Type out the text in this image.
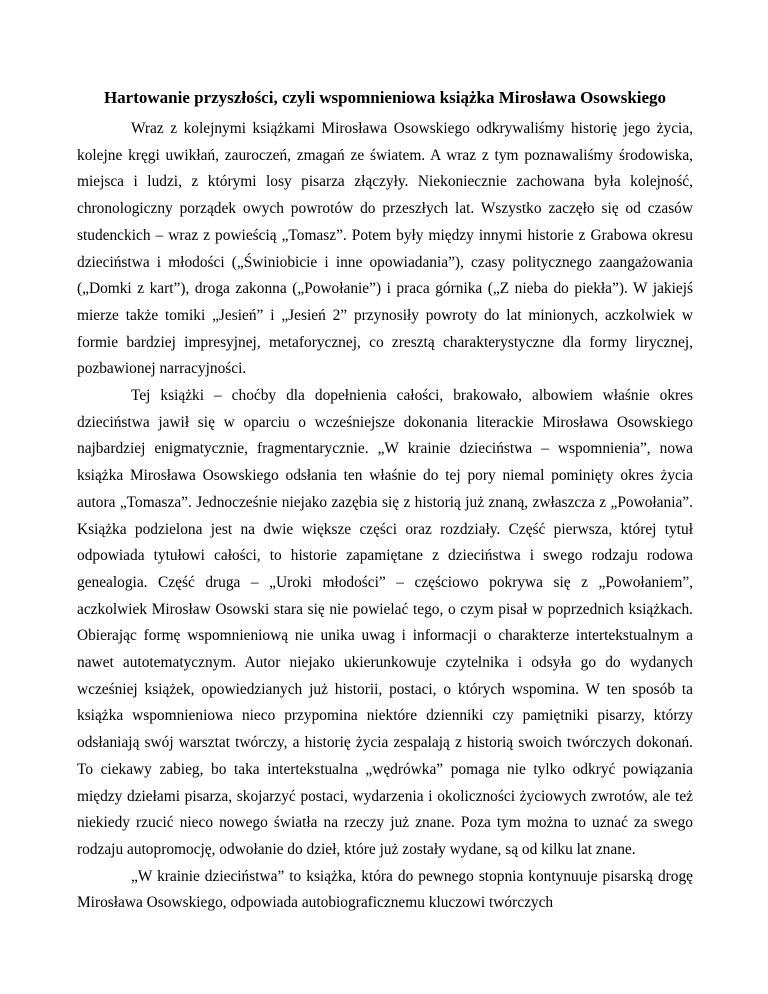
Hartowanie przyszłości, czyli wspomnieniowa książka Mirosława Osowskiego

Wraz z kolejnymi książkami Mirosława Osowskiego odkrywaliśmy historię jego życia, kolejne kręgi uwikłań, zauroczeń, zmagań ze światem. A wraz z tym poznawaliśmy środowiska, miejsca i ludzi, z którymi losy pisarza złączyły. Niekoniecznie zachowana była kolejność, chronologiczny porządek owych powrotów do przeszłych lat. Wszystko zaczęło się od czasów studenckich – wraz z powieścią „Tomasz”. Potem były między innymi historie z Grabowa okresu dzieciństwa i młodości („Świniobicie i inne opowiadania”), czasy politycznego zaangażowania („Domki z kart”), droga zakonna („Powołanie”) i praca górnika („Z nieba do piekła”). W jakiejś mierze także tomiki „Jesień” i „Jesień 2” przynosiły powroty do lat minionych, aczkolwiek w formie bardziej impresyjnej, metaforycznej, co zresztą charakterystyczne dla formy lirycznej, pozbawionej narracyjności.

Tej książki – choćby dla dopełnienia całości, brakowało, albowiem właśnie okres dzieciństwa jawił się w oparciu o wcześniejsze dokonania literackie Mirosława Osowskiego najbardziej enigmatycznie, fragmentarycznie. „W krainie dzieciństwa – wspomnienia”, nowa książka Mirosława Osowskiego odsłania ten właśnie do tej pory niemal pominięty okres życia autora „Tomasza”. Jednocześnie niejako zazębia się z historią już znaną, zwłaszcza z „Powołania”. Książka podzielona jest na dwie większe części oraz rozdziały. Część pierwsza, której tytuł odpowiada tytułowi całości, to historie zapamiętane z dzieciństwa i swego rodzaju rodowa genealogia. Część druga – „Uroki młodości” – częściowo pokrywa się z „Powołaniem”, aczkolwiek Mirosław Osowski stara się nie powielać tego, o czym pisał w poprzednich książkach. Obierając formę wspomnieniową nie unika uwag i informacji o charakterze intertekstualnym a nawet autotematycznym. Autor niejako ukierunkowuje czytelnika i odsyła go do wydanych wcześniej książek, opowiedzianych już historii, postaci, o których wspomina. W ten sposób ta książka wspomnieniowa nieco przypomina niektóre dzienniki czy pamiętniki pisarzy, którzy odsłaniają swój warsztat twórczy, a historię życia zespalają z historią swoich twórczych dokonań. To ciekawy zabieg, bo taka intertekstualna „wędrówka” pomaga nie tylko odkryć powiązania między dziełami pisarza, skojarzyć postaci, wydarzenia i okoliczności życiowych zwrotów, ale też niekiedy rzucić nieco nowego światła na rzeczy już znane. Poza tym można to uznać za swego rodzaju autopromocję, odwołanie do dzieł, które już zostały wydane, są od kilku lat znane.

„W krainie dzieciństwa” to książka, która do pewnego stopnia kontynuuje pisarską drogę Mirosława Osowskiego, odpowiada autobiograficznemu kluczowi twórczych
